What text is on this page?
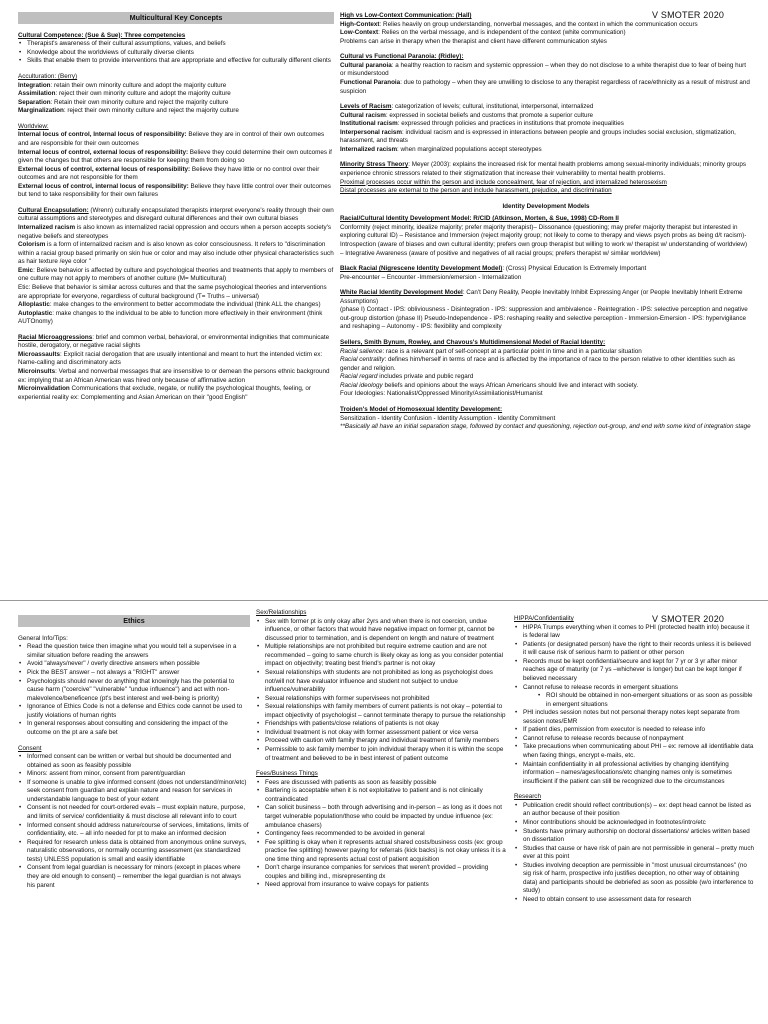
V SMOTER 2020
Multicultural Key Concepts

Cultural Competence: (Sue & Sue): Three competencies

• Therapist's awareness of their cultural assumptions, values, and beliefs
• Knowledge about the worldviews of culturally diverse clients
• Skills that enable them to provide interventions that are appropriate and effective for culturally different clients

Acculturation: (Berry)

Integration: retain their own minority culture and adopt the majority culture

Assimilation: reject their own minority culture and adopt the majority culture

Separation: Retain their own minority culture and reject the majority culture

Marginalization: reject their own minority culture and reject the majority culture

Worldview:

Internal locus of control, Internal locus of responsibility: Believe they are in control of their own outcomes and are responsible for their own outcomes

Internal locus of control, external locus of responsibility: Believe they could determine their own outcomes if given the changes but that others are responsible for keeping them from doing so

External locus of control, external locus of responsibility: Believe they have little or no control over their outcomes and are not responsible for them

External locus of control, internal locus of responsibility: Believe they have little control over their outcomes but tend to take responsibility for their own failures

Cultural Encapsulation: (Wrenn) culturally encapsulated therapists interpret everyone's reality through their own cultural assumptions and stereotypes and disregard cultural differences and their own cultural biases

Internalized racism is also known as internalized racial oppression and occurs when a person accepts society's negative beliefs and stereotypes

Colorism is a form of internalized racism and is also known as color consciousness. It refers to "discrimination within a racial group based primarily on skin hue or color and may also include other physical characteristics such as hair texture /eye color "

Emic: Believe behavior is affected by culture and psychological theories and treatments that apply to members of one culture may not apply to members of another culture (M= Multicultural)

Etic: Believe that behavior is similar across cultures and that the same psychological theories and interventions are appropriate for everyone, regardless of cultural background (T= Truths – universal)

Alloplastic: make changes to the environment to better accommodate the individual (think ALL the changes)

Autoplastic: make changes to the individual to be able to function more effectively in their environment (think AUTOnomy)

Racial Microaggressions: brief and common verbal, behavioral, or environmental indignities that communicate hostile, derogatory, or negative racial slights

Microassaults: Explicit racial derogation that are usually intentional and meant to hurt the intended victim ex: Name-calling and discriminatory acts

Microinsults: Verbal and nonverbal messages that are insensitive to or demean the persons ethnic background ex: implying that an African American was hired only because of affirmative action

Microinvalidation Communications that exclude, negate, or nullify the psychological thoughts, feeling, or experiential reality ex: Complementing and Asian American on their "good English"

High vs Low-Context Communication: (Hall)

High-Context: Relies heavily on group understanding, nonverbal messages, and the context in which the communication occurs

Low-Context: Relies on the verbal message, and is independent of the context (white communication)

Problems can arise in therapy when the therapist and client have different communication styles

Cultural vs Functional Paranoia: (Ridley):

Cultural paranoia: a healthy reaction to racism and systemic oppression – when they do not disclose to a white therapist due to fear of being hurt or misunderstood

Functional Paranoia: due to pathology – when they are unwilling to disclose to any therapist regardless of race/ethnicity as a result of mistrust and suspicion

Levels of Racism: categorization of levels; cultural, institutional, interpersonal, internalized

Cultural racism: expressed in societal beliefs and customs that promote a superior culture

Institutional racism: expressed through policies and practices in institutions that promote inequalities

Interpersonal racism: individual racism and is expressed in interactions between people and groups includes social exclusion, stigmatization, harassment, and threats

Internalized racism: when marginalized populations accept stereotypes

Minority Stress Theory: Meyer (2003): explains the increased risk for mental health problems among sexual-minority individuals; minority groups experience chronic stressors related to their stigmatization that increase their vulnerability to mental health problems.

Proximal processes occur within the person and include concealment, fear of rejection, and internalized heterosexism

Distal processes are external to the person and include harassment, prejudice, and discrimination

Identity Development Models

Racial/Cultural Identity Development Model: R/CID (Atkinson, Morten, & Sue, 1998) CD-Rom II

Conformity (reject minority, idealize majority; prefer majority therapist)– Dissonance (questioning; may prefer majority therapist but interested in exploring cultural ID) – Resistance and Immersion (reject majority group; not likely to come to therapy and views psych probs as being d/t racism)- Introspection (aware of biases and own cultural identity; prefers own group therapist but willing to work w/ therapist w/ understanding of worldview) – Integrative Awareness (aware of positive and negatives of all racial groups; prefers therapist w/ similar worldview)

Black Racial (Nigrescene Identity Development Model): (Cross) Physical Education Is Extremely Important

Pre-encounter – Encounter -Immersion/emersion - Internalization

White Racial Identity Development Model: Can't Deny Reality, People Inevitably Inhibit Expressing Anger (or People Inevitably Inherit Extreme Assumptions)

(phase I) Contact - IPS: obliviousness - Disintegration - IPS: suppression and ambivalence - Reintegration - IPS: selective perception and negative out-group distortion (phase II) Pseudo-Independence - IPS: reshaping reality and selective perception - Immersion-Emersion - IPS: hypervigilance and reshaping – Autonomy - IPS: flexibility and complexity

Sellers, Smith Bynum, Rowley, and Chavous's Multidimensional Model of Racial Identity:

Racial salience: race is a relevant part of self-concept at a particular point in time and in a particular situation

Racial centrality: defines him/herself in terms of race and is affected by the importance of race to the person relative to other identities such as gender and religion.

Racial regard includes private and public regard

Racial ideology beliefs and opinions about the ways African Americans should live and interact with society.

Four Ideologies: Nationalist/Oppressed Minority/Assimilationist/Humanist

Troiden's Model of Homosexual Identity Development:

Sensitization - Identity Confusion - Identity Assumption - Identity Commitment

**Basically all have an initial separation stage, followed by contact and questioning, rejection out-group, and end with some kind of integration stage

V SMOTER 2020
Ethics

General Info/Tips:

• Read the question twice then imagine what you would tell a supervisee in a similar situation before reading the answers
• Avoid "always/never" / overly directive answers when possible
• Pick the BEST answer – not always a "RIGHT" answer
• Psychologists should never do anything that knowingly has the potential to cause harm ("coercive" "vulnerable" "undue influence") and act with non-malevolence/beneficence (pt's best interest and well-being is priority)
• Ignorance of Ethics Code is not a defense and Ethics code cannot be used to justify violations of human rights
• In general responses about consulting and considering the impact of the outcome on the pt are a safe bet

Consent

• Informed consent can be written or verbal but should be documented and obtained as soon as feasibly possible
• Minors: assent from minor, consent from parent/guardian
• If someone is unable to give informed consent (does not understand/minor/etc) seek consent from guardian and explain nature and reason for services in understandable language to best of your extent
• Consent is not needed for court-ordered evals – must explain nature, purpose, and limits of service/ confidentiality & must disclose all relevant info to court
• Informed consent should address nature/course of services, limitations, limits of confidentiality, etc. – all info needed for pt to make an informed decision
• Required for research unless data is obtained from anonymous online surveys, naturalistic observations, or normally occurring assessment (ex standardized tests) UNLESS population is small and easily identifiable
• Consent from legal guardian is necessary for minors (except in places where they are old enough to consent) – remember the legal guardian is not always his parent

Sex/Relationships

• Sex with former pt is only okay after 2yrs and when there is not coercion, undue influence, or other factors that would have negative impact on former pt, cannot be discussed prior to termination, and is dependent on length and nature of treatment
• Multiple relationships are not prohibited but require extreme caution and are not recommended – going to same church is likely okay as long as you consider potential impact on objectivity; treating best friend's partner is not okay
• Sexual relationships with students are not prohibited as long as psychologist does not/will not have evaluator influence and student not subject to undue influence/vulnerability
• Sexual relationships with former supervisees not prohibited
• Sexual relationships with family members of current patients is not okay – potential to impact objectivity of psychologist – cannot terminate therapy to pursue the relationship
• Friendships with patients/close relations of patients is not okay
• Individual treatment is not okay with former assessment patient or vice versa
• Proceed with caution with family therapy and individual treatment of family members
• Permissible to ask family member to join individual therapy when it is within the scope of treatment and believed to be in best interest of patient outcome

Fees/Business Things

• Fees are discussed with patients as soon as feasibly possible
• Bartering is acceptable when it is not exploitative to patient and is not clinically contraindicated
• Can solicit business – both through advertising and in-person – as long as it does not target vulnerable population/those who could be impacted by undue influence (ex: ambulance chasers)
• Contingency fees recommended to be avoided in general
• Fee splitting is okay when it represents actual shared costs/business costs (ex: group practice fee splitting) however paying for referrals (kick backs) is not okay unless it is a one time thing and represents actual cost of patient acquisition
• Don't charge insurance companies for services that weren't provided – providing couples and billing ind., misrepresenting dx
• Need approval from insurance to waive copays for patients

HIPPA/Confidentiality

• HIPPA Trumps everything when it comes to PHI (protected health info) because it is federal law
• Patients (or designated person) have the right to their records unless it is believed it will cause risk of serious harm to patient or other person
• Records must be kept confidential/secure and kept for 7 yr or 3 yr after minor reaches age of maturity (or 7 ys –whichever is longer) but can be kept longer if believed necessary
• Cannot refuse to release records in emergent situations
• ROI should be obtained in non-emergent situations or as soon as possible in emergent situations
• PHI includes session notes but not personal therapy notes kept separate from session notes/EMR
• If patient dies, permission from executor is needed to release info
• Cannot refuse to release records because of nonpayment
• Take precautions when communicating about PHI – ex: remove all identifiable data when faxing things, encrypt e-mails, etc.
• Maintain confidentiality in all professional activities by changing identifying information – names/ages/locations/etc changing names only is sometimes insufficient if the patient can still be recognized due to the circumstances

Research

• Publication credit should reflect contribution(s) – ex: dept head cannot be listed as an author because of their position
• Minor contributions should be acknowledged in footnotes/intro/etc
• Students have primary authorship on doctoral dissertations/ articles written based on dissertation
• Studies that cause or have risk of pain are not permissible in general – pretty much ever at this point
• Studies involving deception are permissible in "most unusual circumstances" (no sig risk of harm, prospective info justifies deception, no other way of obtaining data) and participants should be debriefed as soon as possible (w/o interference to study)
• Need to obtain consent to use assessment data for research
